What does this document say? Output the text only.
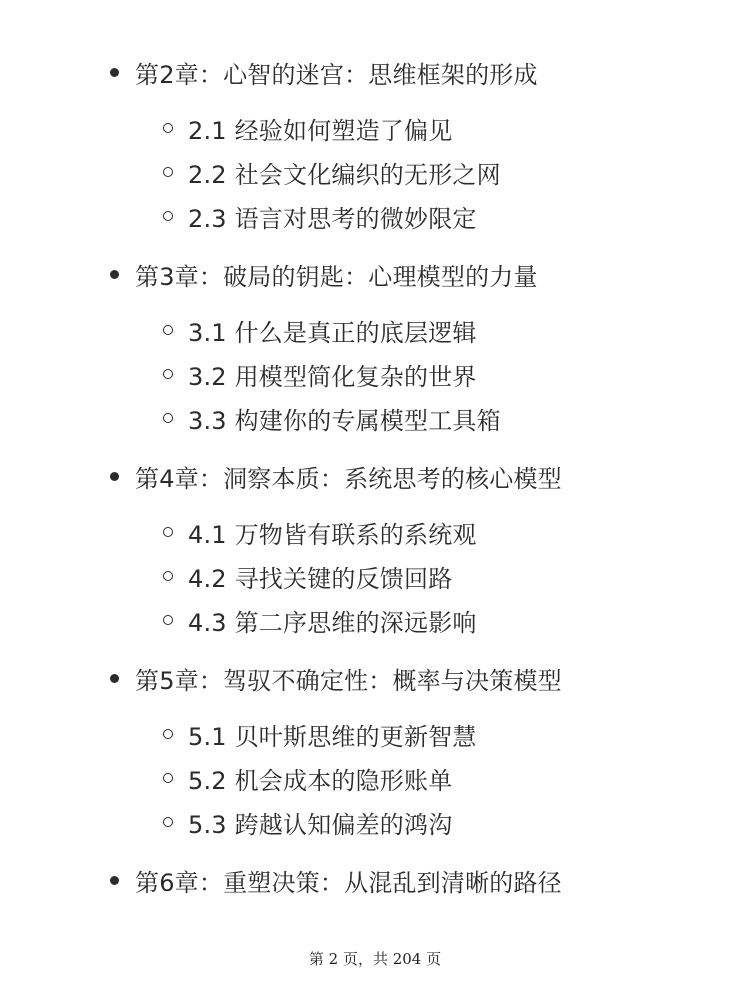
第2章：心智的迷宫：思维框架的形成
2.1 经验如何塑造了偏见
2.2 社会文化编织的无形之网
2.3 语言对思考的微妙限定
第3章：破局的钥匙：心理模型的力量
3.1 什么是真正的底层逻辑
3.2 用模型简化复杂的世界
3.3 构建你的专属模型工具箱
第4章：洞察本质：系统思考的核心模型
4.1 万物皆有联系的系统观
4.2 寻找关键的反馈回路
4.3 第二序思维的深远影响
第5章：驾驭不确定性：概率与决策模型
5.1 贝叶斯思维的更新智慧
5.2 机会成本的隐形账单
5.3 跨越认知偏差的鸿沟
第6章：重塑决策：从混乱到清晰的路径
第 2 页，共 204 页
